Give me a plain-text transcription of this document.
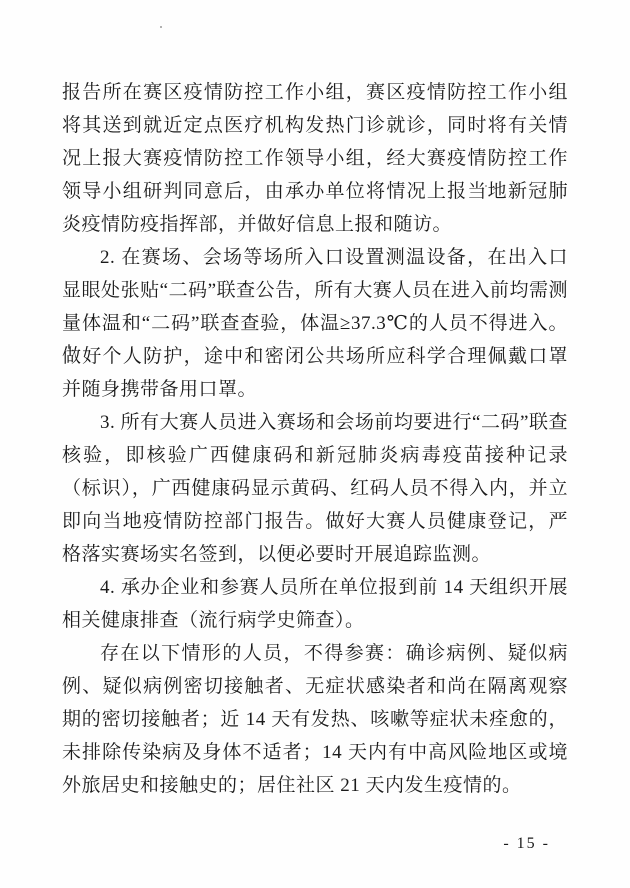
报告所在赛区疫情防控工作小组，赛区疫情防控工作小组将其送到就近定点医疗机构发热门诊就诊，同时将有关情况上报大赛疫情防控工作领导小组，经大赛疫情防控工作领导小组研判同意后，由承办单位将情况上报当地新冠肺炎疫情防疫指挥部，并做好信息上报和随访。

2. 在赛场、会场等场所入口设置测温设备，在出入口显眼处张贴“二码”联查公告，所有大赛人员在进入前均需测量体温和“二码”联查查验，体温≥37.3℃的人员不得进入。做好个人防护，途中和密闭公共场所应科学合理佩戴口罩并随身携带备用口罩。

3. 所有大赛人员进入赛场和会场前均要进行“二码”联查核验，即核验广西健康码和新冠肺炎病毒疫苗接种记录（标识），广西健康码显示黄码、红码人员不得入内，并立即向当地疫情防控部门报告。做好大赛人员健康登记，严格落实赛场实名签到，以便必要时开展追踪监测。

4. 承办企业和参赛人员所在单位报到前 14 天组织开展相关健康排查（流行病学史筛查）。

存在以下情形的人员，不得参赛：确诊病例、疑似病例、疑似病例密切接触者、无症状感染者和尚在隔离观察期的密切接触者；近 14 天有发热、咳嗽等症状未痊愈的，未排除传染病及身体不适者；14 天内有中高风险地区或境外旅居史和接触史的；居住社区 21 天内发生疫情的。

- 15 -
